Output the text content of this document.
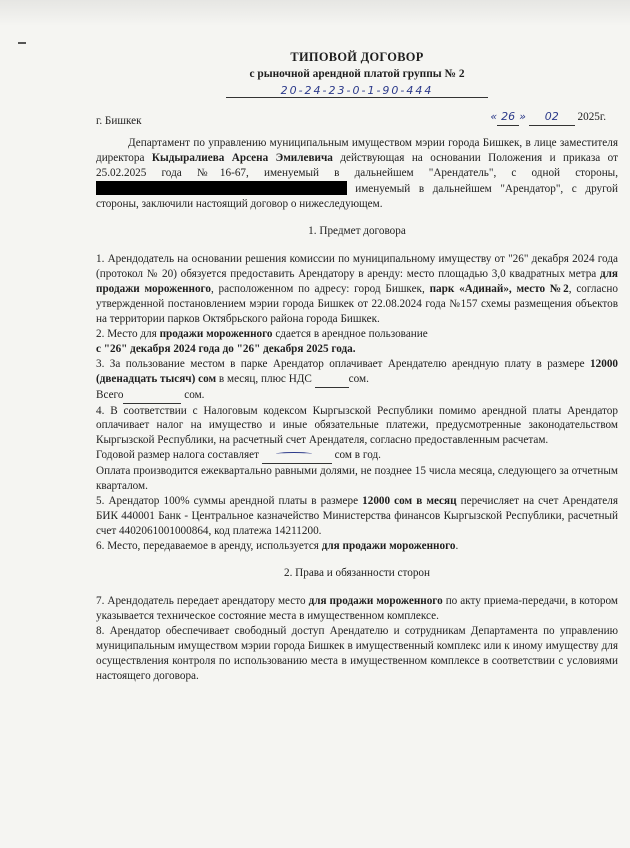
ТИПОВОЙ ДОГОВОР

с рыночной арендной платой группы № 2

20-24-23-0-1-90-444
г. Бишкек	« 26 » 02 2025г.

Департамент по управлению муниципальным имуществом мэрии города Бишкек, в лице заместителя директора Кыдыралиева Арсена Эмилевича действующая на основании Положения и приказа от 25.02.2025 года №16-67, именуемый в дальнейшем "Арендатель", с одной стороны,   именуемый в дальнейшем "Арендатор", с другой стороны, заключили настоящий договор о нижеследующем.

1. Предмет договора

1. Арендодатель на основании решения комиссии по муниципальному имуществу от "26" декабря 2024 года (протокол № 20) обязуется предоставить Арендатору в аренду: место площадью 3,0 квадратных метра для продажи мороженного, расположенном по адресу: город Бишкек, парк «Адинай», место №2, согласно утвержденной постановлением мэрии города Бишкек от 22.08.2024 года №157 схемы размещения объектов на территории парков Октябрьского района города Бишкек.

2. Место для продажи мороженного сдается в арендное пользование

с "26" декабря 2024 года до "26" декабря 2025 года.

3. За пользование местом в парке Арендатор оплачивает Арендателю арендную плату в размере 12000 (двенадцать тысяч) сом в месяц, плюс НДС	сом.

Всего	сом.

4. В соответствии с Налоговым кодексом Кыргызской Республики помимо арендной платы Арендатор оплачивает налог на имущество и иные обязательные платежи, предусмотренные законодательством Кыргызской Республики, на расчетный счет Арендателя, согласно предоставленным расчетам.

Годовой размер налога составляет	сом в год.

Оплата производится ежеквартально равными долями, не позднее 15 числа месяца, следующего за отчетным кварталом.

5. Арендатор 100% суммы арендной платы в размере 12000 сом в месяц перечисляет на счет Арендателя БИК 440001 Банк - Центральное казначейство Министерства финансов Кыргызской Республики, расчетный счет 4402061001000864, код платежа 14211200.

6. Место, передаваемое в аренду, используется для продажи мороженного.

2. Права и обязанности сторон

7. Арендодатель передает арендатору место для продажи мороженного по акту приема-передачи, в котором указывается техническое состояние места в имущественном комплексе.

8. Арендатор обеспечивает свободный доступ Арендателю и сотрудникам Департамента по управлению муниципальным имуществом мэрии города Бишкек в имущественный комплекс или к иному имуществу для осуществления контроля по использованию места в имущественном комплексе в соответствии с условиями настоящего договора.
